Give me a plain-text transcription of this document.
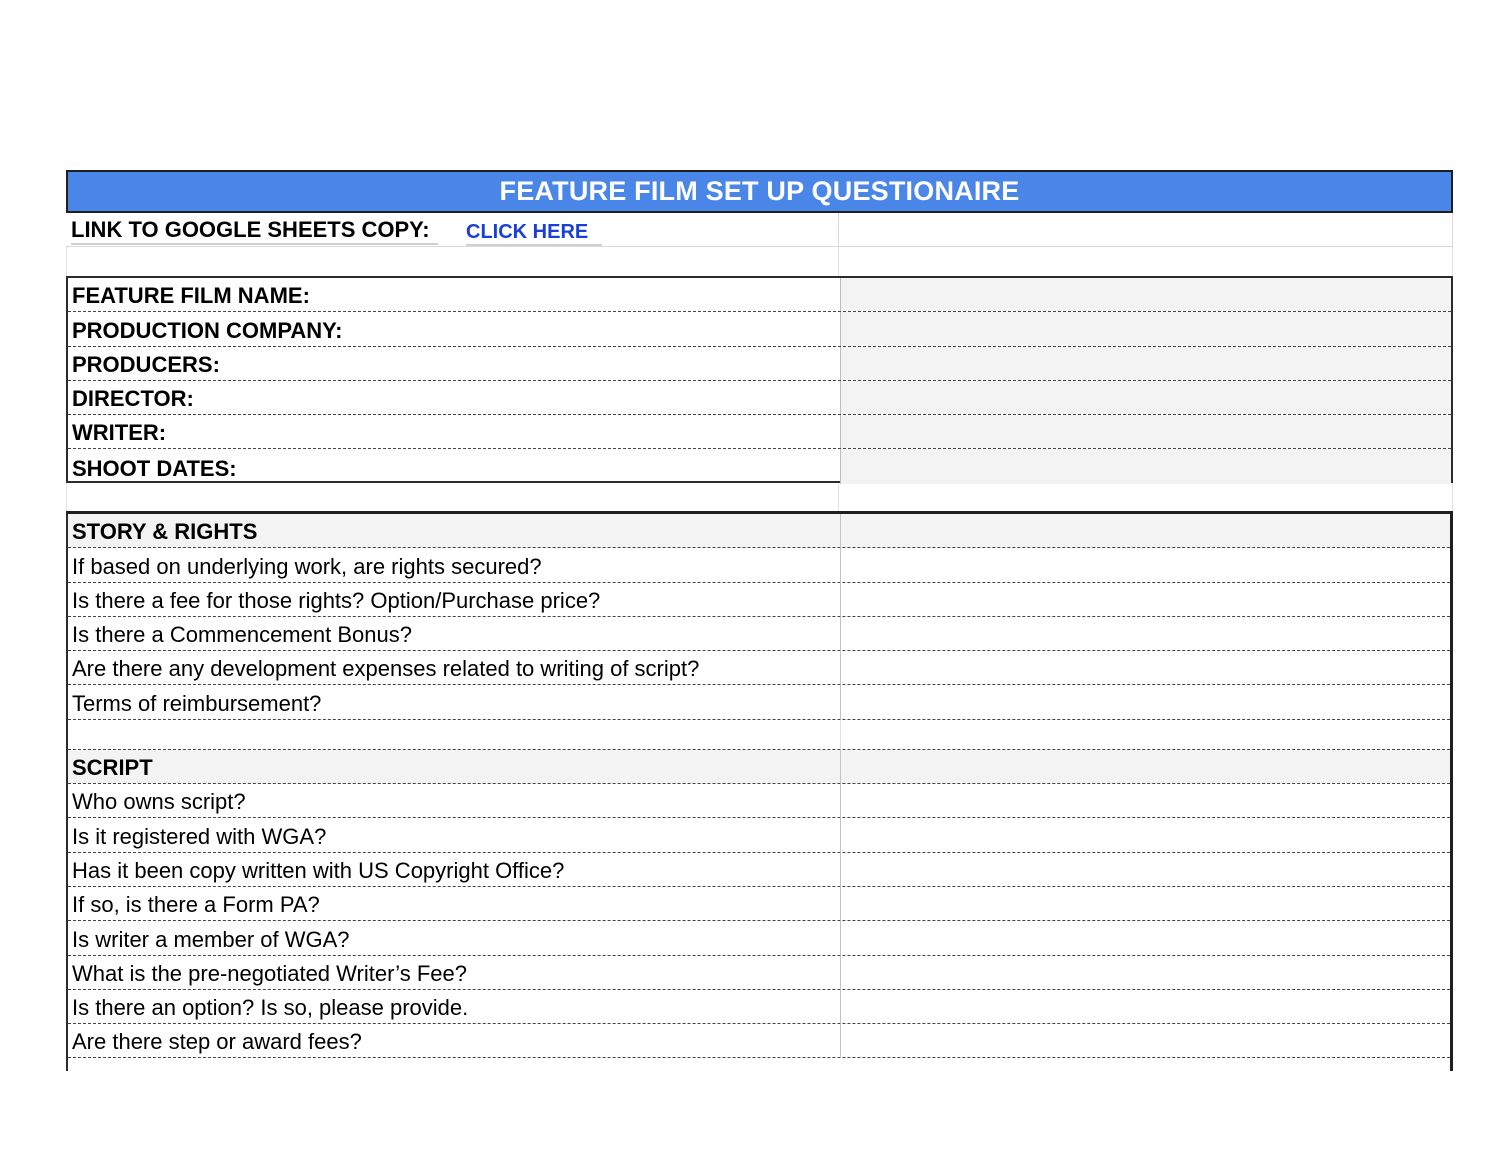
FEATURE FILM SET UP QUESTIONAIRE
LINK TO GOOGLE SHEETS COPY:	CLICK HERE
FEATURE FILM NAME:
PRODUCTION COMPANY:
PRODUCERS:
DIRECTOR:
WRITER:
SHOOT DATES:
STORY & RIGHTS
If based on underlying work, are rights secured?
Is there a fee for those rights? Option/Purchase price?
Is there a Commencement Bonus?
Are there any development expenses related to writing of script?
Terms of reimbursement?
SCRIPT
Who owns script?
Is it registered with WGA?
Has it been copy written with US Copyright Office?
If so, is there a Form PA?
Is writer a member of WGA?
What is the pre-negotiated Writer’s Fee?
Is there an option? Is so, please provide.
Are there step or award fees?
